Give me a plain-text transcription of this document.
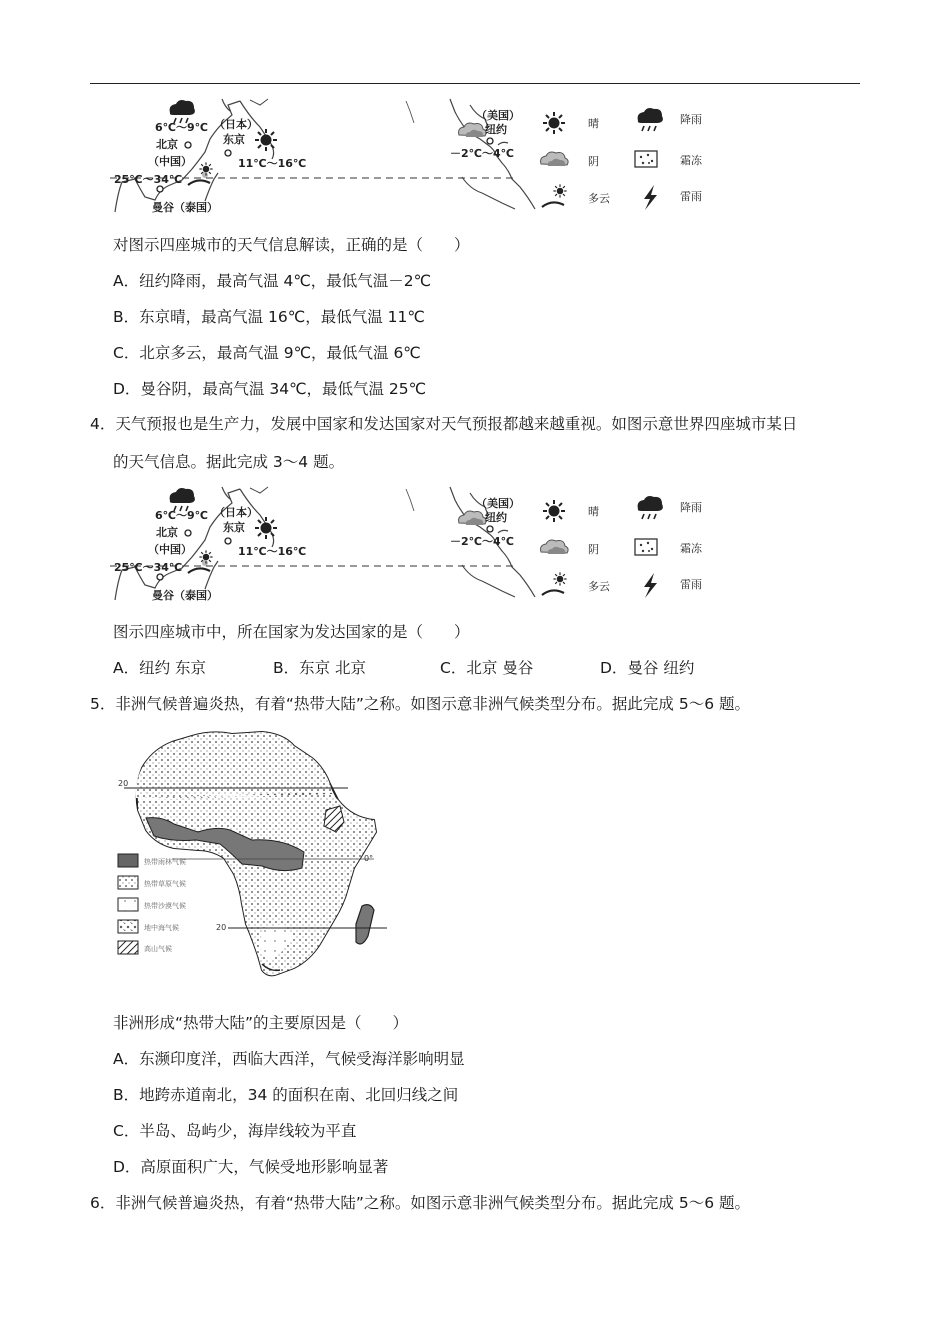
6℃～9℃
北京
（中国）
（日本）
东京
11℃～16℃
25℃～34℃
曼谷（泰国）
（美国）
纽约
－2℃～4℃
晴	降雨
阴	霜冻
多云	雷雨
对图示四座城市的天气信息解读，正确的是（　　）
A．纽约降雨，最高气温 4℃，最低气温－2℃
B．东京晴，最高气温 16℃，最低气温 11℃
C．北京多云，最高气温 9℃，最低气温 6℃
D．曼谷阴，最高气温 34℃，最低气温 25℃
4．天气预报也是生产力，发展中国家和发达国家对天气预报都越来越重视。如图示意世界四座城市某日
的天气信息。据此完成 3～4 题。
6℃～9℃
北京
（中国）
（日本）
东京
11℃～16℃
25℃～34℃
曼谷（泰国）
（美国）
纽约
－2℃～4℃
晴	降雨
阴	霜冻
多云	雷雨
图示四座城市中，所在国家为发达国家的是（　　）
A．纽约 东京	B．东京 北京	C．北京 曼谷	D．曼谷 纽约
5．非洲气候普遍炎热，有着“热带大陆”之称。如图示意非洲气候类型分布。据此完成 5～6 题。
20
0°
20
热带雨林气候
热带草原气候
热带沙漠气候
地中海气候
高山气候
非洲形成“热带大陆”的主要原因是（　　）
A．东濒印度洋，西临大西洋，气候受海洋影响明显
B．地跨赤道南北，34 的面积在南、北回归线之间
C．半岛、岛屿少，海岸线较为平直
D．高原面积广大，气候受地形影响显著
6．非洲气候普遍炎热，有着“热带大陆”之称。如图示意非洲气候类型分布。据此完成 5～6 题。
